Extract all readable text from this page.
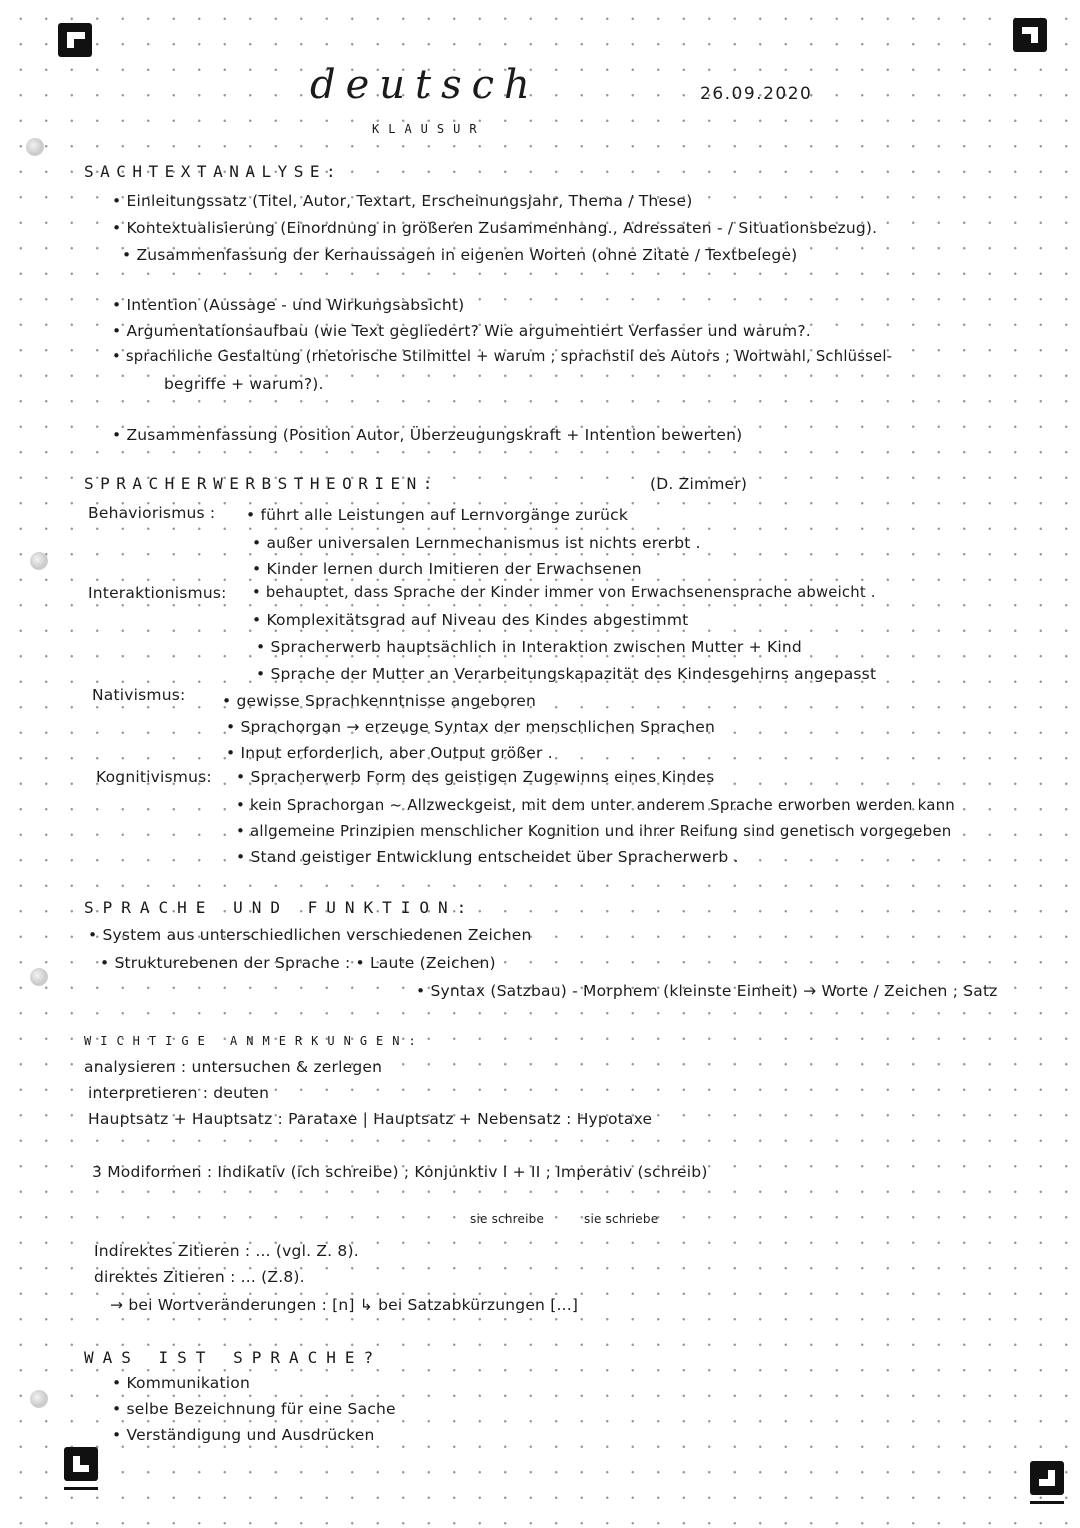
deutsch	26.09.2020
KLAUSUR
SACHTEXTANALYSE:
• Einleitungssatz (Titel, Autor, Textart, Erscheinungsjahr, Thema / These)
• Kontextualisierung (Einordnung in größeren Zusammenhang., Adressaten - / Situationsbezug).
• Zusammenfassung der Kernaussagen in eigenen Worten (ohne Zitate / Textbelege)
• Intention (Aussage - und Wirkungsabsicht)
• Argumentationsaufbau (wie Text gegliedert? Wie argumentiert Verfasser und warum?.
• sprachliche Gestaltung (rhetorische Stilmittel + warum ; sprachstil des Autors ; Wortwahl, Schlüssel-
begriffe + warum?).
• Zusammenfassung (Position Autor, Überzeugungskraft + Intention bewerten)
SPRACHERWERBSTHEORIEN:	(D. Zimmer)
Behaviorismus : • führt alle Leistungen auf Lernvorgänge zurück
• außer universalen Lernmechanismus ist nichts ererbt .
• Kinder lernen durch Imitieren der Erwachsenen
Interaktionismus: • behauptet, dass Sprache der Kinder immer von Erwachsenensprache abweicht .
• Komplexitätsgrad auf Niveau des Kindes abgestimmt
• Spracherwerb hauptsächlich in Interaktion zwischen Mutter + Kind
• Sprache der Mutter an Verarbeitungskapazität des Kindesgehirns angepasst
Nativismus: • gewisse Sprachkenntnisse angeboren
• Sprachorgan → erzeuge Syntax der menschlichen Sprachen
• Input erforderlich, aber Output größer .
Kognitivismus: • Spracherwerb Form des geistigen Zugewinns eines Kindes
• kein Sprachorgan ~ Allzweckgeist, mit dem unter anderem Sprache erworben werden kann
• allgemeine Prinzipien menschlicher Kognition und ihrer Reifung sind genetisch vorgegeben
• Stand geistiger Entwicklung entscheidet über Spracherwerb .
SPRACHE UND FUNKTION:
• System aus unterschiedlichen verschiedenen Zeichen
• Strukturebenen der Sprache : • Laute (Zeichen)
• Syntax (Satzbau) - Morphem (kleinste Einheit) → Worte / Zeichen ; Satz
WICHTIGE ANMERKUNGEN:
analysieren : untersuchen & zerlegen
interpretieren : deuten
Hauptsatz + Hauptsatz : Parataxe | Hauptsatz + Nebensatz : Hypotaxe
3 Modiformen : Indikativ (ich schreibe) ; Konjunktiv I + II ; Imperativ (schreib)
sie schreibe	sie schriebe
Indirektes Zitieren : ... (vgl. Z. 8).
direktes Zitieren : ... (Z.8).
→ bei Wortveränderungen : [n] ↳ bei Satzabkürzungen [...]
WAS IST SPRACHE?
• Kommunikation
• selbe Bezeichnung für eine Sache
• Verständigung und Ausdrücken
